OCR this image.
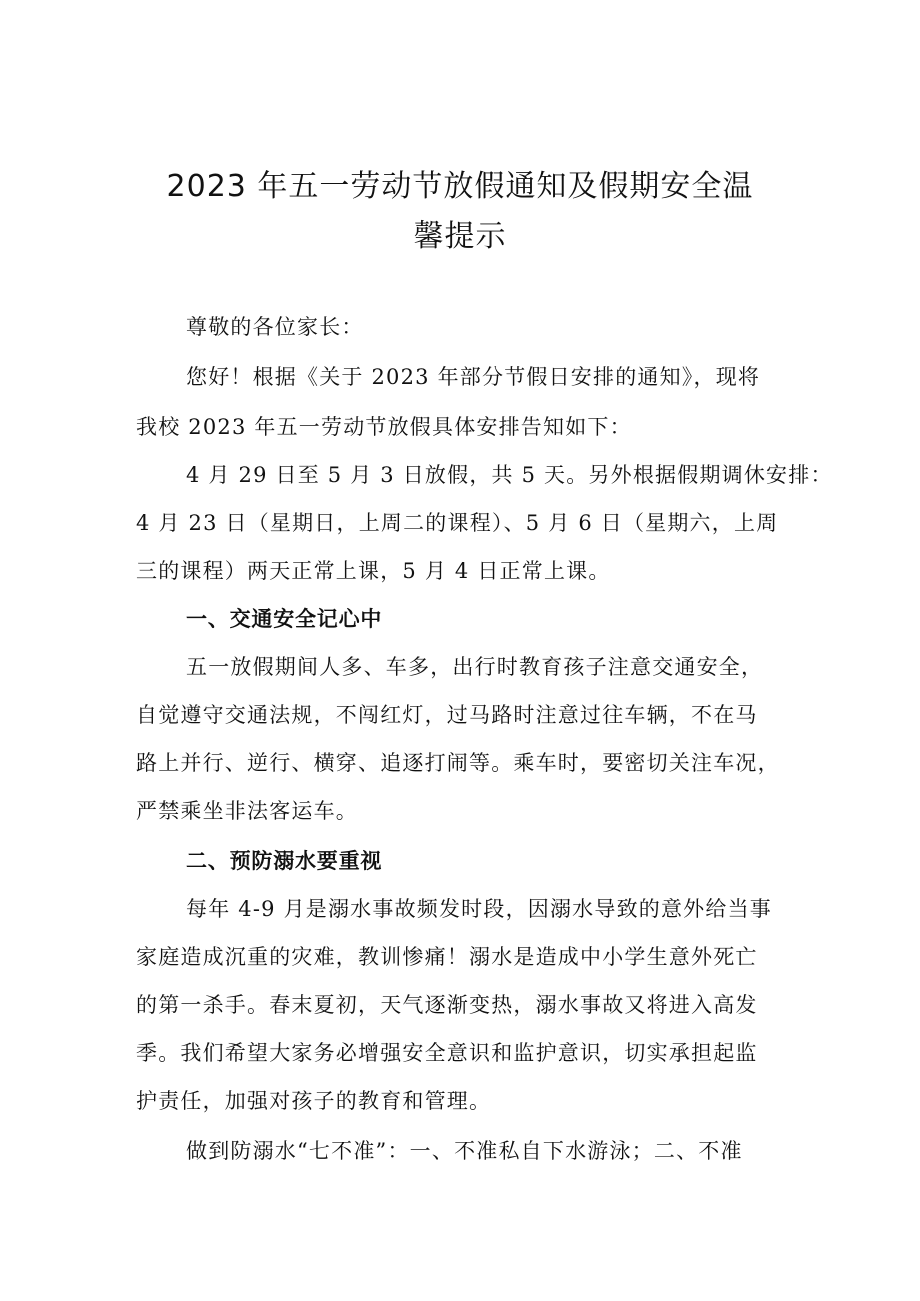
2023 年五一劳动节放假通知及假期安全温
馨提示
尊敬的各位家长：
您好！根据《关于 2023 年部分节假日安排的通知》，现将
我校 2023 年五一劳动节放假具体安排告知如下：
4 月 29 日至 5 月 3 日放假，共 5 天。另外根据假期调休安排：
4 月 23 日（星期日，上周二的课程）、5 月 6 日（星期六，上周
三的课程）两天正常上课，5 月 4 日正常上课。
一、交通安全记心中
五一放假期间人多、车多，出行时教育孩子注意交通安全，
自觉遵守交通法规，不闯红灯，过马路时注意过往车辆，不在马
路上并行、逆行、横穿、追逐打闹等。乘车时，要密切关注车况，
严禁乘坐非法客运车。
二、预防溺水要重视
每年 4-9 月是溺水事故频发时段，因溺水导致的意外给当事
家庭造成沉重的灾难，教训惨痛！溺水是造成中小学生意外死亡
的第一杀手。春末夏初，天气逐渐变热，溺水事故又将进入高发
季。我们希望大家务必增强安全意识和监护意识，切实承担起监
护责任，加强对孩子的教育和管理。
做到防溺水“七不准”：一、不准私自下水游泳；二、不准
